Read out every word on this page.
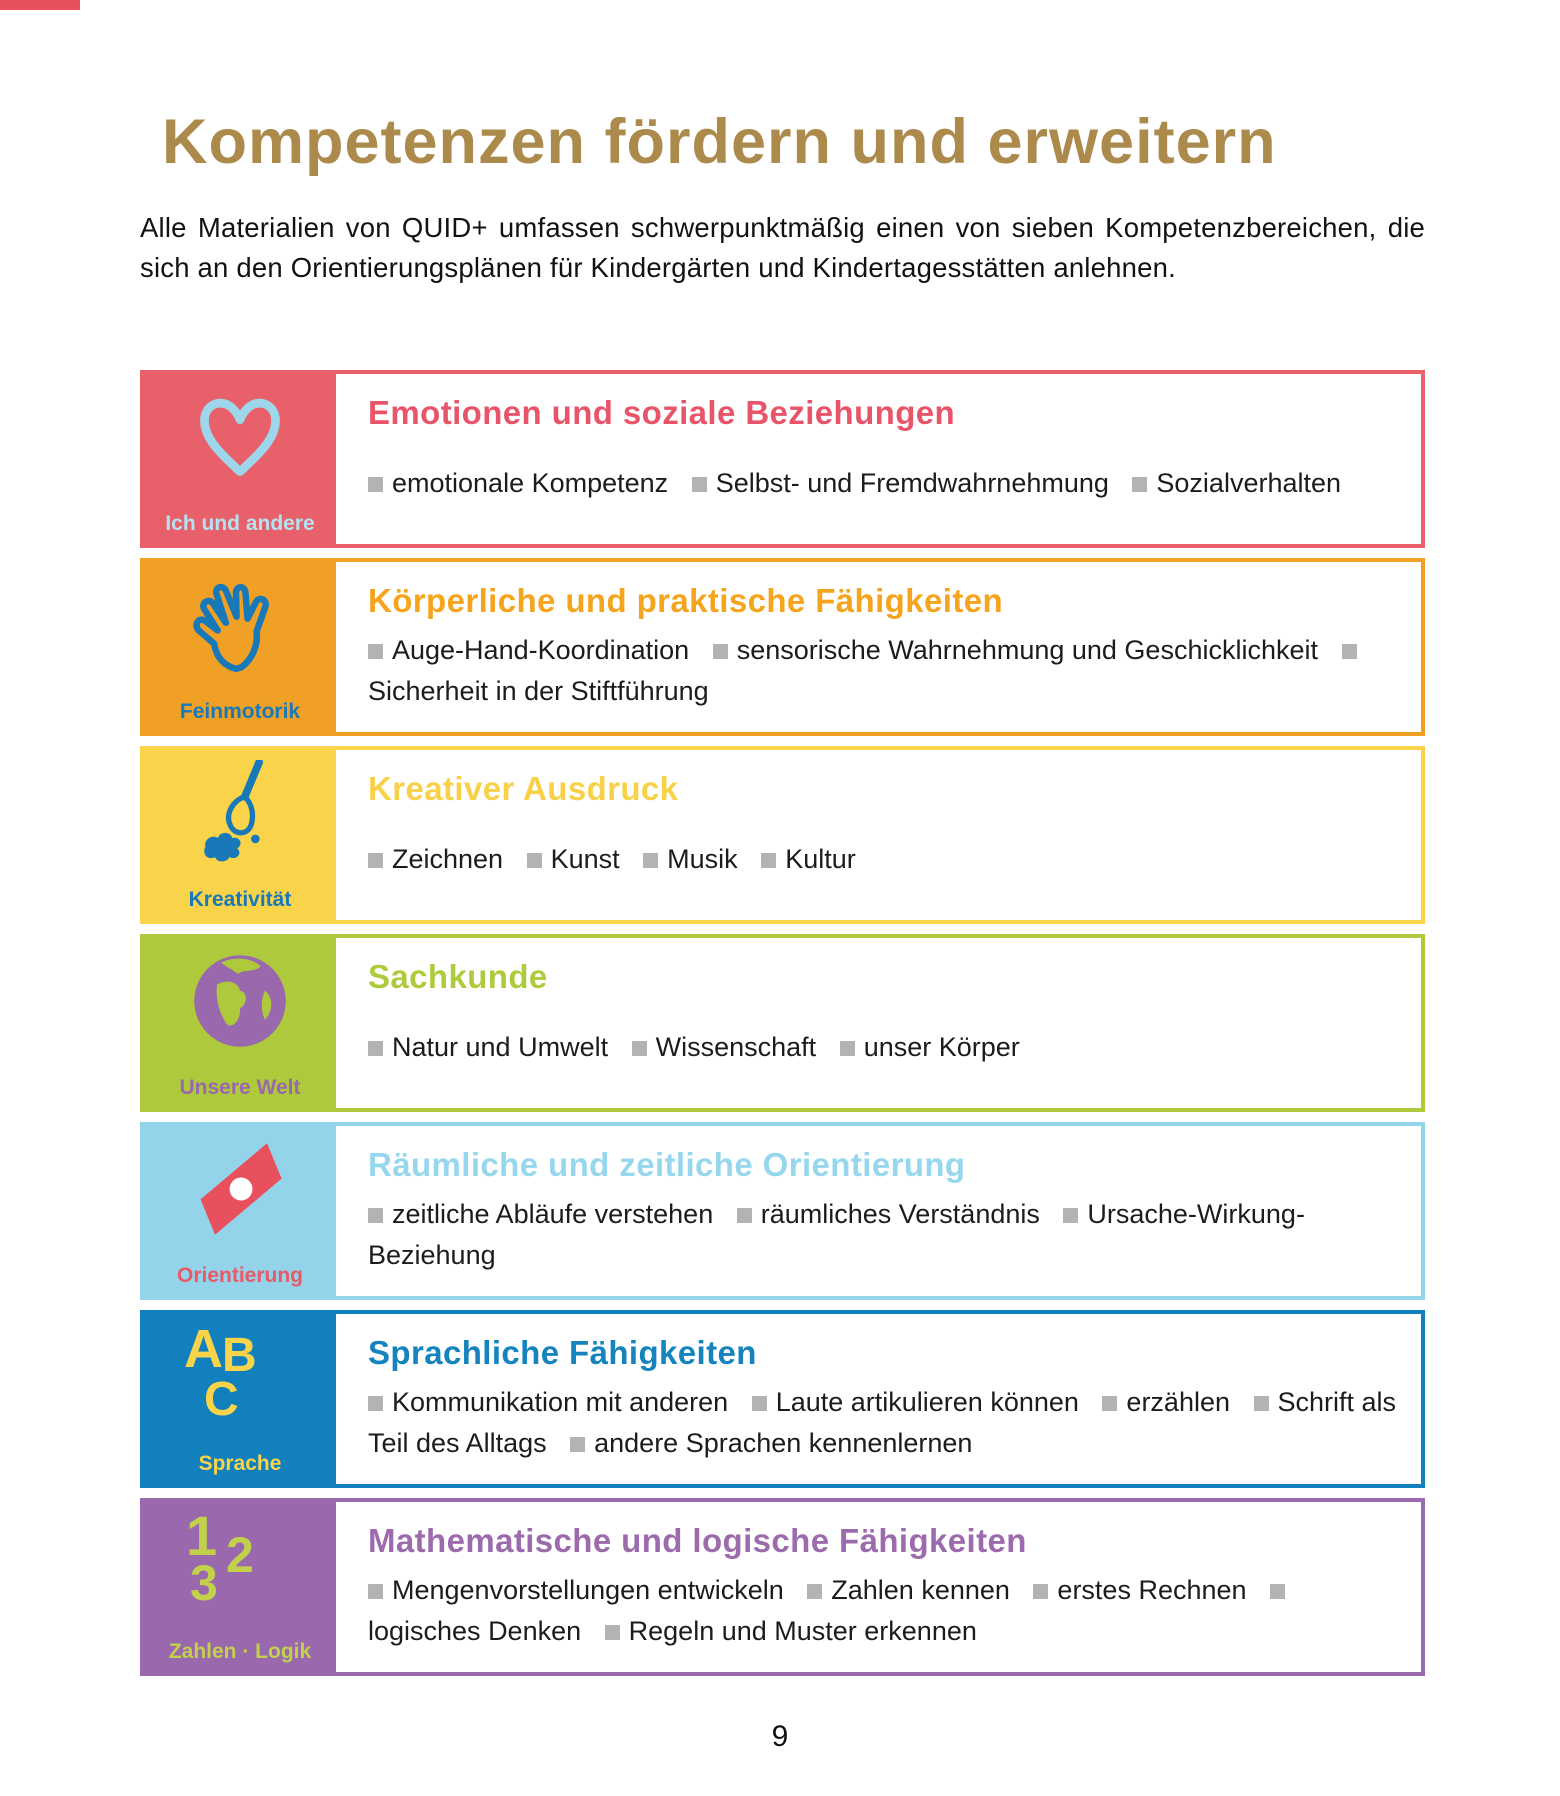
Kompetenzen fördern und erweitern

Alle Materialien von QUID+ umfassen schwerpunktmäßig einen von sieben Kompetenzbereichen, die sich an den Orientierungsplänen für Kindergärten und Kindertagesstätten anlehnen.

Ich und andere
Emotionen und soziale Beziehungen

emotionale Kompetenz Selbst- und Fremdwahrnehmung Sozialverhalten

Feinmotorik
Körperliche und praktische Fähigkeiten

Auge-Hand-Koordination sensorische Wahrnehmung und Geschicklichkeit Sicherheit in der Stiftführung

Kreativität
Kreativer Ausdruck

Zeichnen Kunst Musik Kultur

Unsere Welt
Sachkunde

Natur und Umwelt Wissenschaft unser Körper

Orientierung
Räumliche und zeitliche Orientierung

zeitliche Abläufe verstehen räumliches Verständnis Ursache-Wirkung-Beziehung

A B
C
Sprache
Sprachliche Fähigkeiten

Kommunikation mit anderen Laute artikulieren können erzählen Schrift als Teil des Alltags andere Sprachen kennenlernen

1 2
3
Zahlen · Logik
Mathematische und logische Fähigkeiten

Mengenvorstellungen entwickeln Zahlen kennen erstes Rechnen logisches Denken Regeln und Muster erkennen

9
